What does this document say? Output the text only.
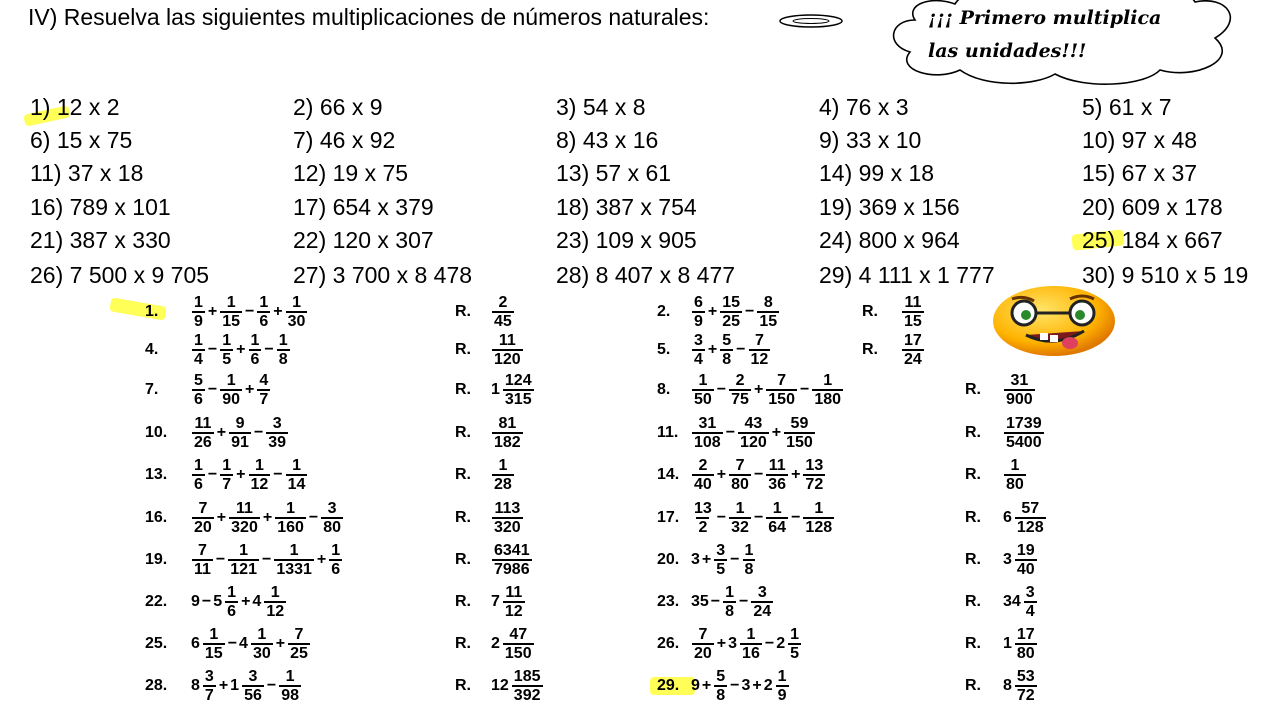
IV) Resuelva las siguientes multiplicaciones de números naturales:	¡¡¡ Primero multiplica
las unidades!!!
1) 12 x 2	2) 66 x 9	3) 54 x 8	4) 76 x 3	5) 61 x 7
6) 15 x 75	7) 46 x 92	8) 43 x 16	9) 33 x 10	10) 97 x 48
11) 37 x 18	12) 19 x 75	13) 57 x 61	14) 99 x 18	15) 67 x 37
16) 789 x 101	17) 654 x 379	18) 387 x 754	19) 369 x 156	20) 609 x 178
21) 387 x 330	22) 120 x 307	23) 109 x 905	24) 800 x 964	25) 184 x 667
26) 7 500 x 9 705	27) 3 700 x 8 478	28) 8 407 x 8 477	29) 4 111 x 1 777	30) 9 510 x 5 19
1. $\frac{1}{9} + \frac{1}{15} - \frac{1}{6} + \frac{1}{30}$	R. $\frac{2}{45}$	2. $\frac{6}{9} + \frac{15}{25} - \frac{8}{15}$	R. $\frac{11}{15}$
4. $\frac{1}{4} - \frac{1}{5} + \frac{1}{6} - \frac{1}{8}$	R. $\frac{11}{120}$	5. $\frac{3}{4} + \frac{5}{8} - \frac{7}{12}$	R. $\frac{17}{24}$
7. $\frac{5}{6} - \frac{1}{90} + \frac{4}{7}$	R. $1 \frac{124}{315}$	8. $\frac{1}{50} - \frac{2}{75} + \frac{7}{150} - \frac{1}{180}$	R. $\frac{31}{900}$
10. $\frac{11}{26} + \frac{9}{91} - \frac{3}{39}$	R. $\frac{81}{182}$	11. $\frac{31}{108} - \frac{43}{120} + \frac{59}{150}$	R. $\frac{1739}{5400}$
13. $\frac{1}{6} - \frac{1}{7} + \frac{1}{12} - \frac{1}{14}$	R. $\frac{1}{28}$	14. $\frac{2}{40} + \frac{7}{80} - \frac{11}{36} + \frac{13}{72}$	R. $\frac{1}{80}$
16. $\frac{7}{20} + \frac{11}{320} + \frac{1}{160} - \frac{3}{80}$	R. $\frac{113}{320}$	17. $\frac{13}{2} - \frac{1}{32} - \frac{1}{64} - \frac{1}{128}$	R. $6 \frac{57}{128}$
19. $\frac{7}{11} - \frac{1}{121} - \frac{1}{1331} + \frac{1}{6}$	R. $\frac{6341}{7986}$	20. $3 + \frac{3}{5} - \frac{1}{8}$	R. $3 \frac{19}{40}$
22. $9 - 5 \frac{1}{6} + 4 \frac{1}{12}$	R. $7 \frac{11}{12}$	23. $35 - \frac{1}{8} - \frac{3}{24}$	R. $34 \frac{3}{4}$
25. $6 \frac{1}{15} - 4 \frac{1}{30} + \frac{7}{25}$	R. $2 \frac{47}{150}$	26. $\frac{7}{20} + 3 \frac{1}{16} - 2 \frac{1}{5}$	R. $1 \frac{17}{80}$
28. $8 \frac{3}{7} + 1 \frac{3}{56} - \frac{1}{98}$	R. $12 \frac{185}{392}$	29. $9 + \frac{5}{8} - 3 + 2 \frac{1}{9}$	R. $8 \frac{53}{72}$
